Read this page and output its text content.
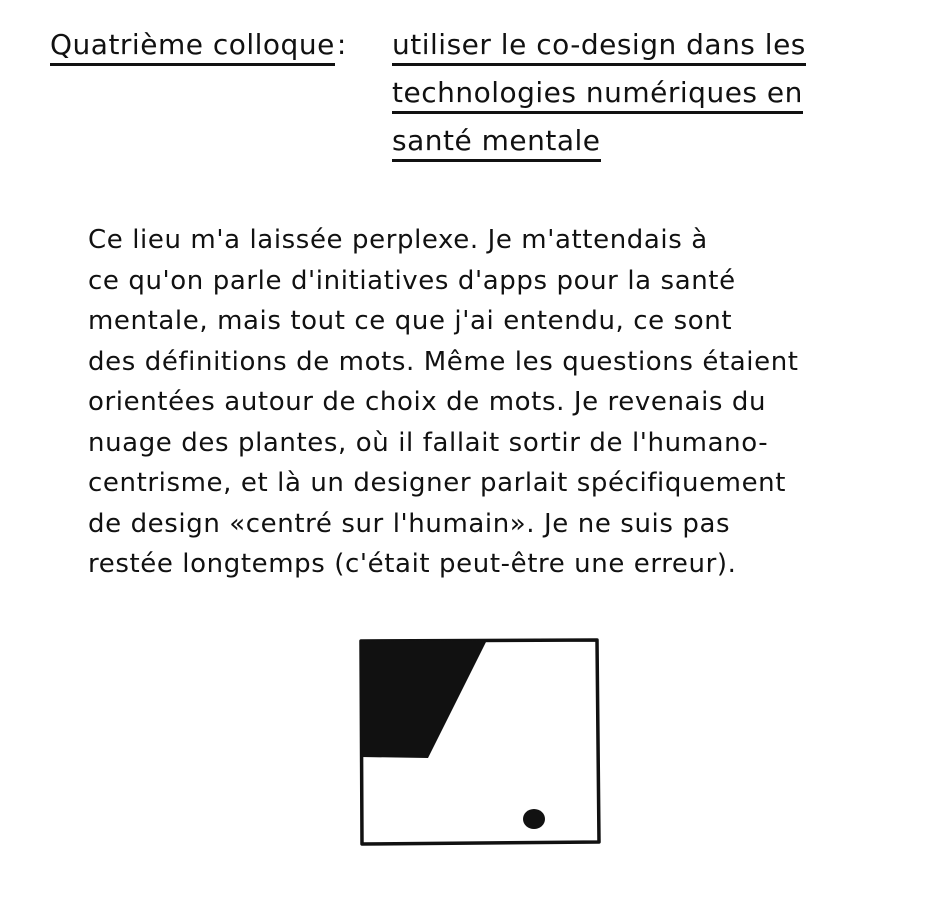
Quatrième colloque: utiliser le co-design dans les
technologies numériques en
santé mentale
Ce lieu m'a laissée perplexe. Je m'attendais à
ce qu'on parle d'initiatives d'apps pour la santé
mentale, mais tout ce que j'ai entendu, ce sont
des définitions de mots. Même les questions étaient
orientées autour de choix de mots. Je revenais du
nuage des plantes, où il fallait sortir de l'humano-
centrisme, et là un designer parlait spécifiquement
de design «centré sur l'humain». Je ne suis pas
restée longtemps (c'était peut-être une erreur).
